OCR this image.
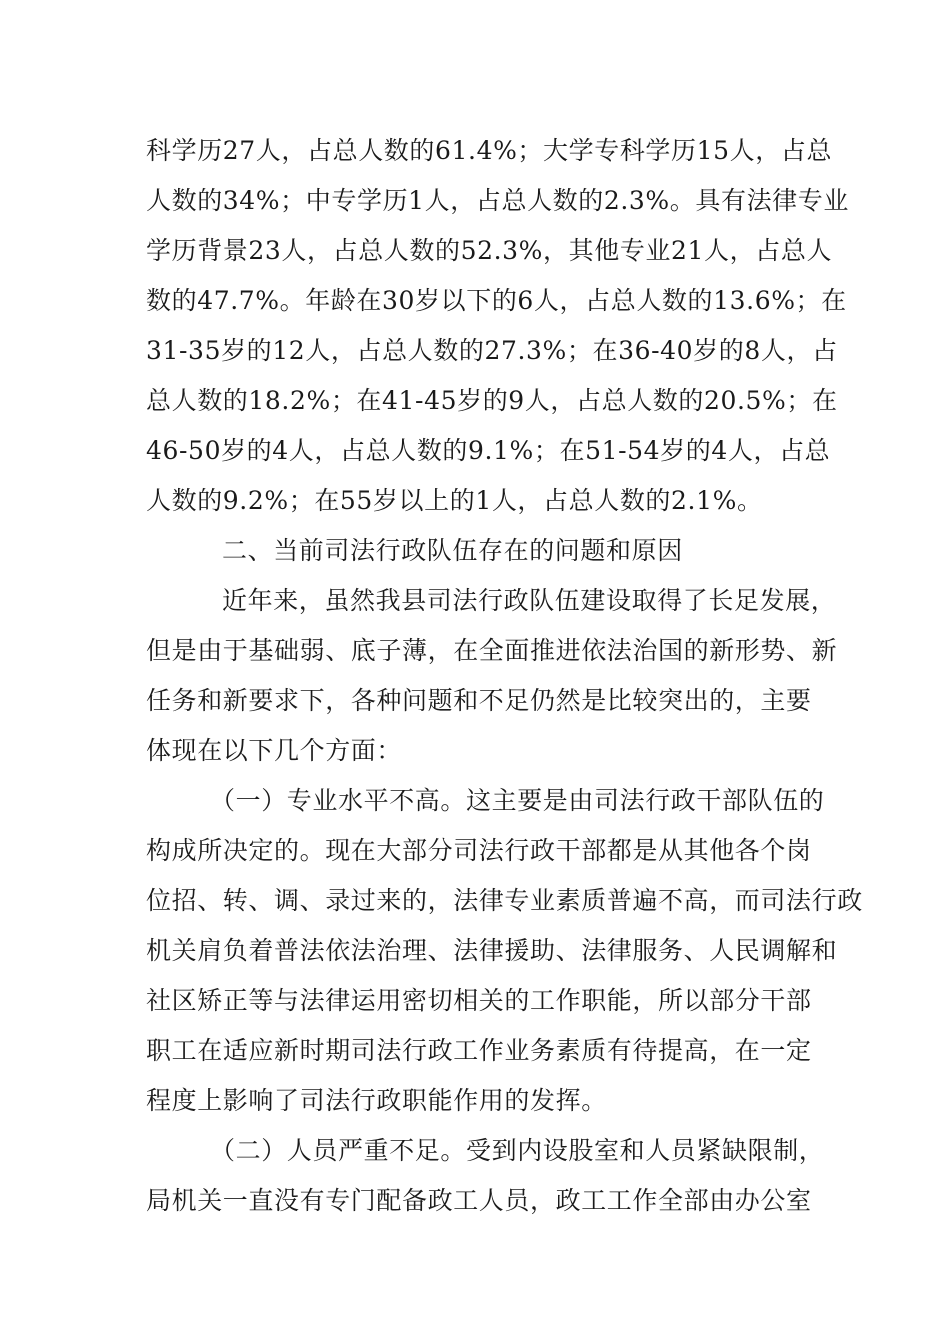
科学历27人，占总人数的61.4%；大学专科学历15人，占总
人数的34%；中专学历1人，占总人数的2.3%。具有法律专业
学历背景23人，占总人数的52.3%，其他专业21人，占总人
数的47.7%。年龄在30岁以下的6人，占总人数的13.6%；在
31-35岁的12人，占总人数的27.3%；在36-40岁的8人，占
总人数的18.2%；在41-45岁的9人，占总人数的20.5%；在
46-50岁的4人，占总人数的9.1%；在51-54岁的4人，占总
人数的9.2%；在55岁以上的1人，占总人数的2.1%。
二、当前司法行政队伍存在的问题和原因
近年来，虽然我县司法行政队伍建设取得了长足发展，
但是由于基础弱、底子薄，在全面推进依法治国的新形势、新
任务和新要求下，各种问题和不足仍然是比较突出的，主要
体现在以下几个方面：
（一）专业水平不高。这主要是由司法行政干部队伍的
构成所决定的。现在大部分司法行政干部都是从其他各个岗
位招、转、调、录过来的，法律专业素质普遍不高，而司法行政
机关肩负着普法依法治理、法律援助、法律服务、人民调解和
社区矫正等与法律运用密切相关的工作职能，所以部分干部
职工在适应新时期司法行政工作业务素质有待提高，在一定
程度上影响了司法行政职能作用的发挥。
（二）人员严重不足。受到内设股室和人员紧缺限制，
局机关一直没有专门配备政工人员，政工工作全部由办公室
